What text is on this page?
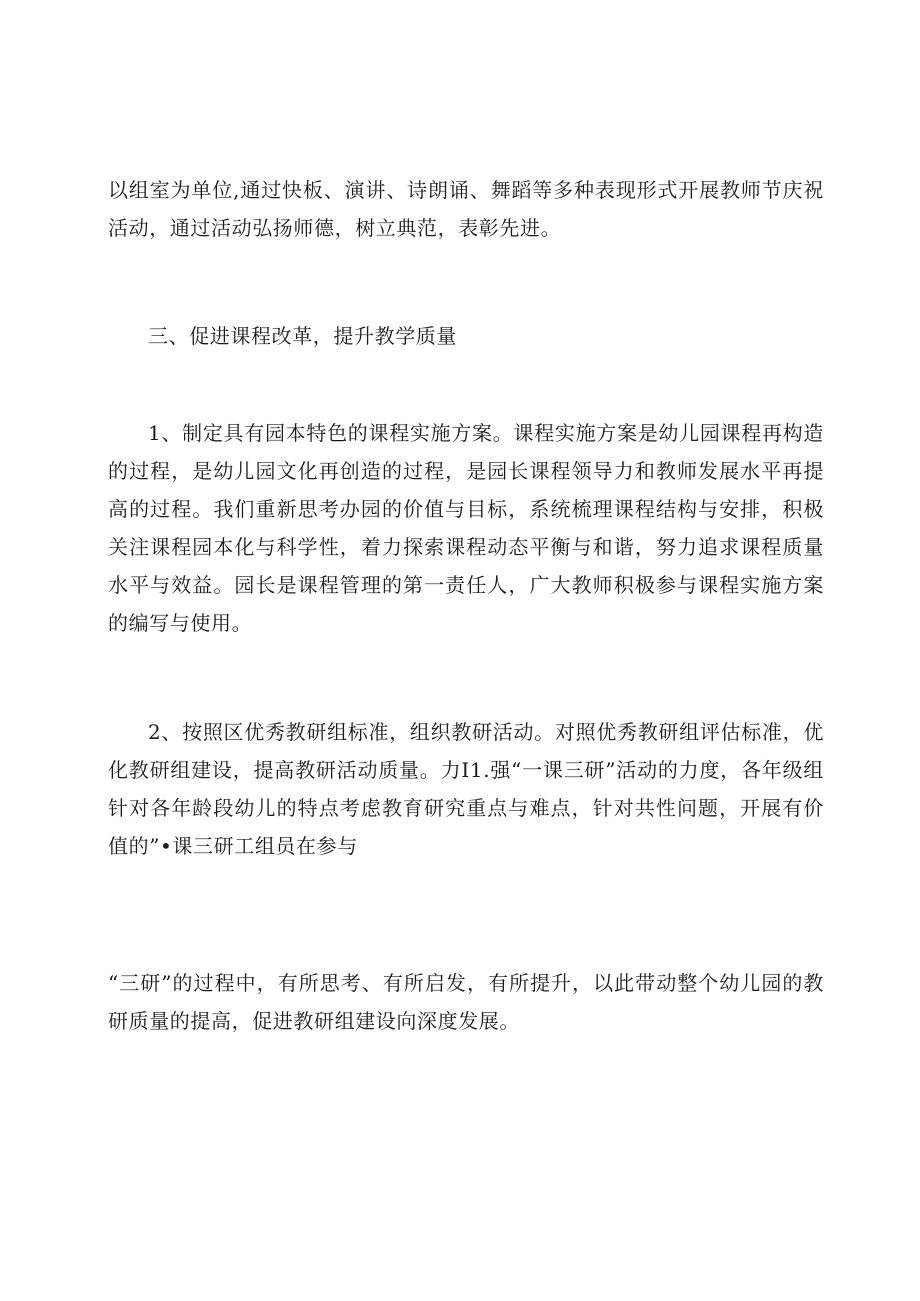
以组室为单位,通过快板、演讲、诗朗诵、舞蹈等多种表现形式开展教师节庆祝活动，通过活动弘扬师德，树立典范，表彰先进。

三、促进课程改革，提升教学质量

1、制定具有园本特色的课程实施方案。课程实施方案是幼儿园课程再构造的过程，是幼儿园文化再创造的过程，是园长课程领导力和教师发展水平再提高的过程。我们重新思考办园的价值与目标，系统梳理课程结构与安排，积极关注课程园本化与科学性，着力探索课程动态平衡与和谐，努力追求课程质量水平与效益。园长是课程管理的第一责任人，广大教师积极参与课程实施方案的编写与使用。

2、按照区优秀教研组标准，组织教研活动。对照优秀教研组评估标准，优化教研组建设，提高教研活动质量。力I1.强“一课三研”活动的力度，各年级组针对各年龄段幼儿的特点考虑教育研究重点与难点，针对共性问题，开展有价值的”•课三研工组员在参与

“三研”的过程中，有所思考、有所启发，有所提升，以此带动整个幼儿园的教研质量的提高，促进教研组建设向深度发展。
